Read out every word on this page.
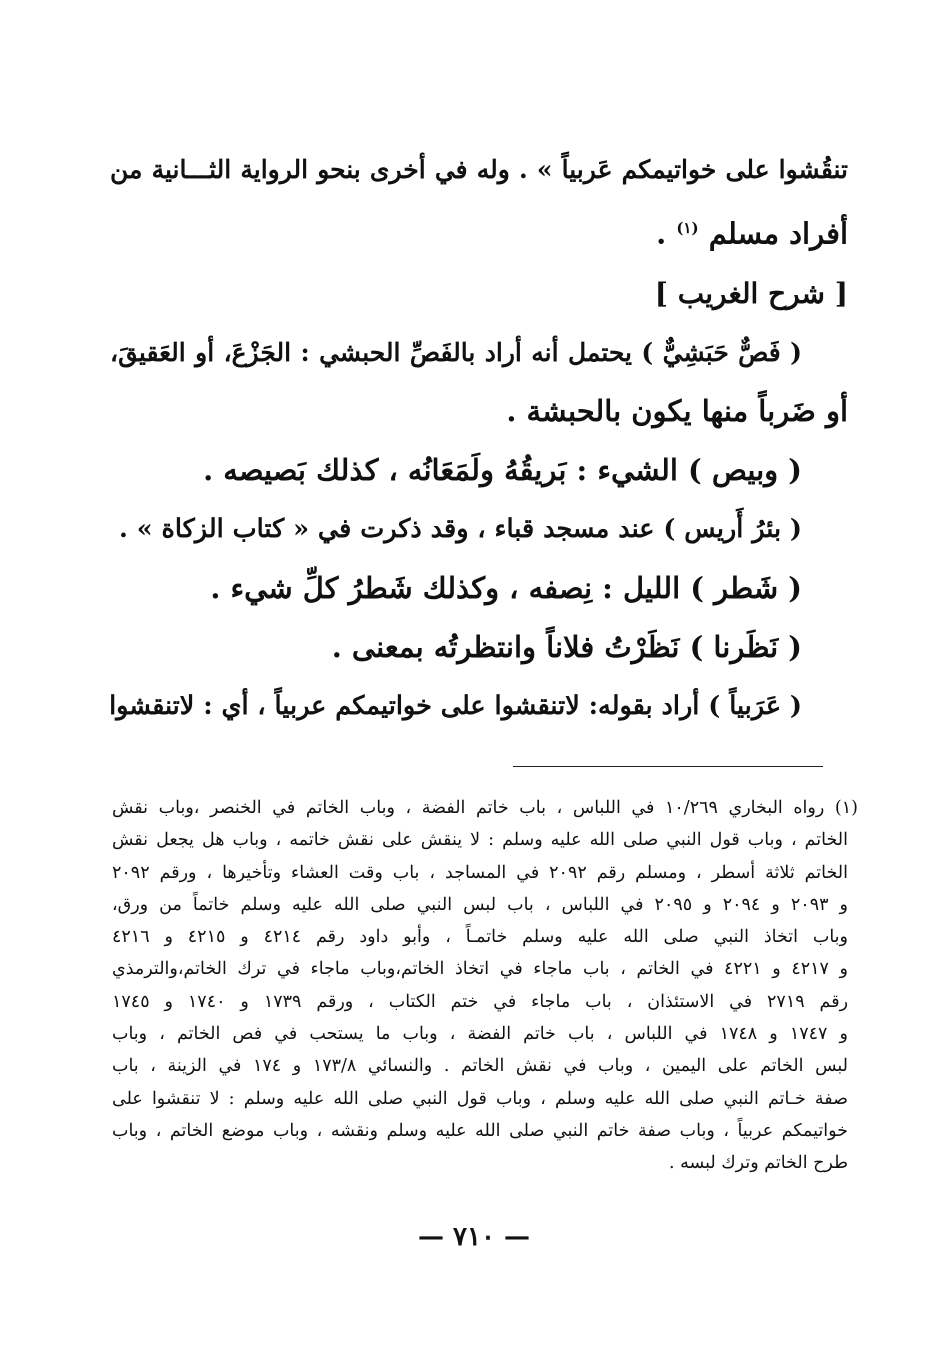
تنقُشوا على خواتيمكم عَربياً » . وله في أخرى بنحو الرواية الثـــانية من
أفراد مسلم $^{(١)}$ .
[ شرح الغريب ]
( فَصٌّ حَبَشِيٌّ ) يحتمل أنه أراد بالفَصِّ الحبشي : الجَزْعَ، أو العَقيقَ،
أو ضَرباً منها يكون بالحبشة .
( وبيص ) الشيء : بَريقُهُ ولَمَعَانُه ، كذلك بَصيصه .
( بئرُ أَريس ) عند مسجد قباء ، وقد ذكرت في « كتاب الزكاة » .
( شَطر ) الليل : نِصفه ، وكذلك شَطرُ كلِّ شيء .
( نَظَرنا ) نَظَرْتُ فلاناً وانتظرتُه بمعنى .
( عَرَبياً ) أراد بقوله: لاتنقشوا على خواتيمكم عربياً ، أي : لاتنقشوا
(١) رواه البخاري ١٠/٢٦٩ في اللباس ، باب خاتم الفضة ، وباب الخاتم في الخنصر ،وباب نقش
الخاتم ، وباب قول النبي صلى الله عليه وسلم : لا ينقش على نقش خاتمه ، وباب هل يجعل نقش
الخاتم ثلاثة أسطر ، ومسلم رقم ٢٠٩٢ في المساجد ، باب وقت العشاء وتأخيرها ، ورقم ٢٠٩٢
و ٢٠٩٣ و ٢٠٩٤ و ٢٠٩٥ في اللباس ، باب لبس النبي صلى الله عليه وسلم خاتماً من ورق،
وباب اتخاذ النبي صلى الله عليه وسلم خاتمـاً ، وأبو داود رقم ٤٢١٤ و ٤٢١٥ و ٤٢١٦
و ٤٢١٧ و ٤٢٢١ في الخاتم ، باب ماجاء في اتخاذ الخاتم،وباب ماجاء في ترك الخاتم،والترمذي
رقم ٢٧١٩ في الاستئذان ، باب ماجاء في ختم الكتاب ، ورقم ١٧٣٩ و ١٧٤٠ و ١٧٤٥
و ١٧٤٧ و ١٧٤٨ في اللباس ، باب خاتم الفضة ، وباب ما يستحب في فص الخاتم ، وباب
لبس الخاتم على اليمين ، وباب في نقش الخاتم . والنسائي ١٧٣/٨ و ١٧٤ في الزينة ، باب
صفة خـاتم النبي صلى الله عليه وسلم ، وباب قول النبي صلى الله عليه وسلم : لا تنقشوا على
خواتيمكم عربياً ، وباب صفة خاتم النبي صلى الله عليه وسلم ونقشه ، وباب موضع الخاتم ، وباب
طرح الخاتم وترك لبسه .
— ٧١٠ —
